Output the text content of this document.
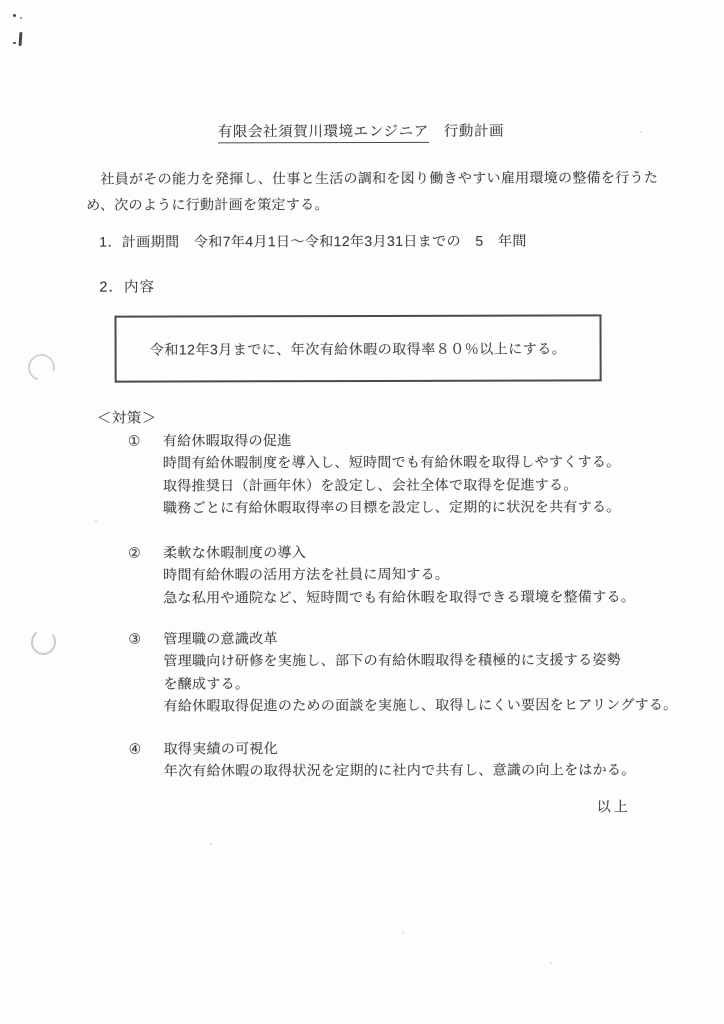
有限会社須賀川環境エンジニア 行動計画
　社員がその能力を発揮し、仕事と生活の調和を図り働きやすい雇用環境の整備を行うた
め、次のように行動計画を策定する。
1．計画期間　令和7年4月1日～令和12年3月31日までの　5　年間
2．内容
令和12年3月までに、年次有給休暇の取得率８０％以上にする。
＜対策＞
①	有給休暇取得の促進
時間有給休暇制度を導入し、短時間でも有給休暇を取得しやすくする。
取得推奨日（計画年休）を設定し、会社全体で取得を促進する。
職務ごとに有給休暇取得率の目標を設定し、定期的に状況を共有する。
②	柔軟な休暇制度の導入
時間有給休暇の活用方法を社員に周知する。
急な私用や通院など、短時間でも有給休暇を取得できる環境を整備する。
③	管理職の意識改革
管理職向け研修を実施し、部下の有給休暇取得を積極的に支援する姿勢
を醸成する。
有給休暇取得促進のための面談を実施し、取得しにくい要因をヒアリングする。
④	取得実績の可視化
年次有給休暇の取得状況を定期的に社内で共有し、意識の向上をはかる。
以上
